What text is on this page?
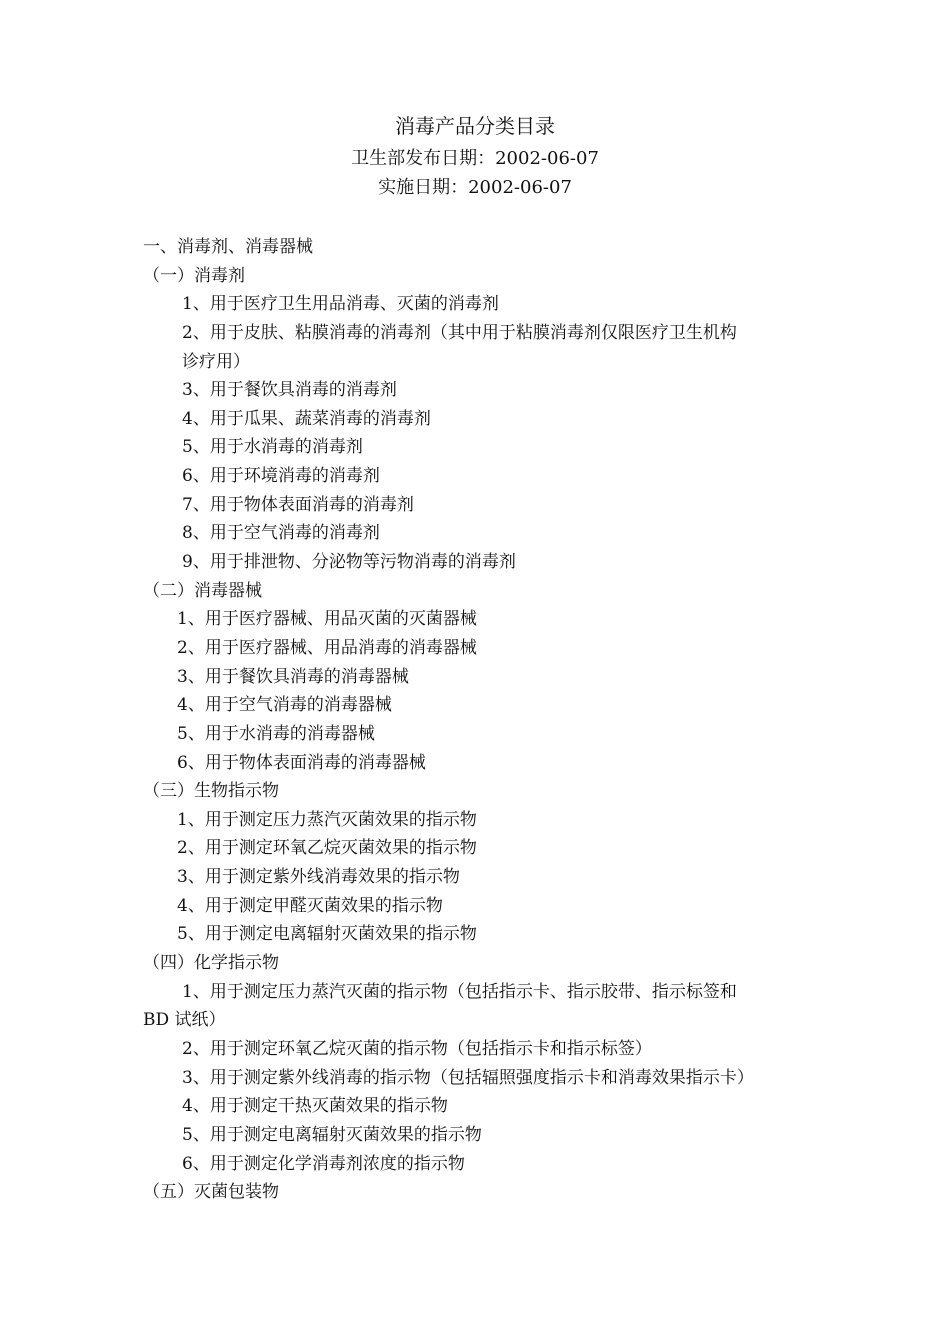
消毒产品分类目录
卫生部发布日期：2002-06-07
实施日期：2002-06-07
一、消毒剂、消毒器械
（一）消毒剂
1、用于医疗卫生用品消毒、灭菌的消毒剂
2、用于皮肤、粘膜消毒的消毒剂（其中用于粘膜消毒剂仅限医疗卫生机构
诊疗用）
3、用于餐饮具消毒的消毒剂
4、用于瓜果、蔬菜消毒的消毒剂
5、用于水消毒的消毒剂
6、用于环境消毒的消毒剂
7、用于物体表面消毒的消毒剂
8、用于空气消毒的消毒剂
9、用于排泄物、分泌物等污物消毒的消毒剂
（二）消毒器械
1、用于医疗器械、用品灭菌的灭菌器械
2、用于医疗器械、用品消毒的消毒器械
3、用于餐饮具消毒的消毒器械
4、用于空气消毒的消毒器械
5、用于水消毒的消毒器械
6、用于物体表面消毒的消毒器械
（三）生物指示物
1、用于测定压力蒸汽灭菌效果的指示物
2、用于测定环氧乙烷灭菌效果的指示物
3、用于测定紫外线消毒效果的指示物
4、用于测定甲醛灭菌效果的指示物
5、用于测定电离辐射灭菌效果的指示物
（四）化学指示物
1、用于测定压力蒸汽灭菌的指示物（包括指示卡、指示胶带、指示标签和
BD 试纸）
2、用于测定环氧乙烷灭菌的指示物（包括指示卡和指示标签）
3、用于测定紫外线消毒的指示物（包括辐照强度指示卡和消毒效果指示卡）
4、用于测定干热灭菌效果的指示物
5、用于测定电离辐射灭菌效果的指示物
6、用于测定化学消毒剂浓度的指示物
（五）灭菌包装物
